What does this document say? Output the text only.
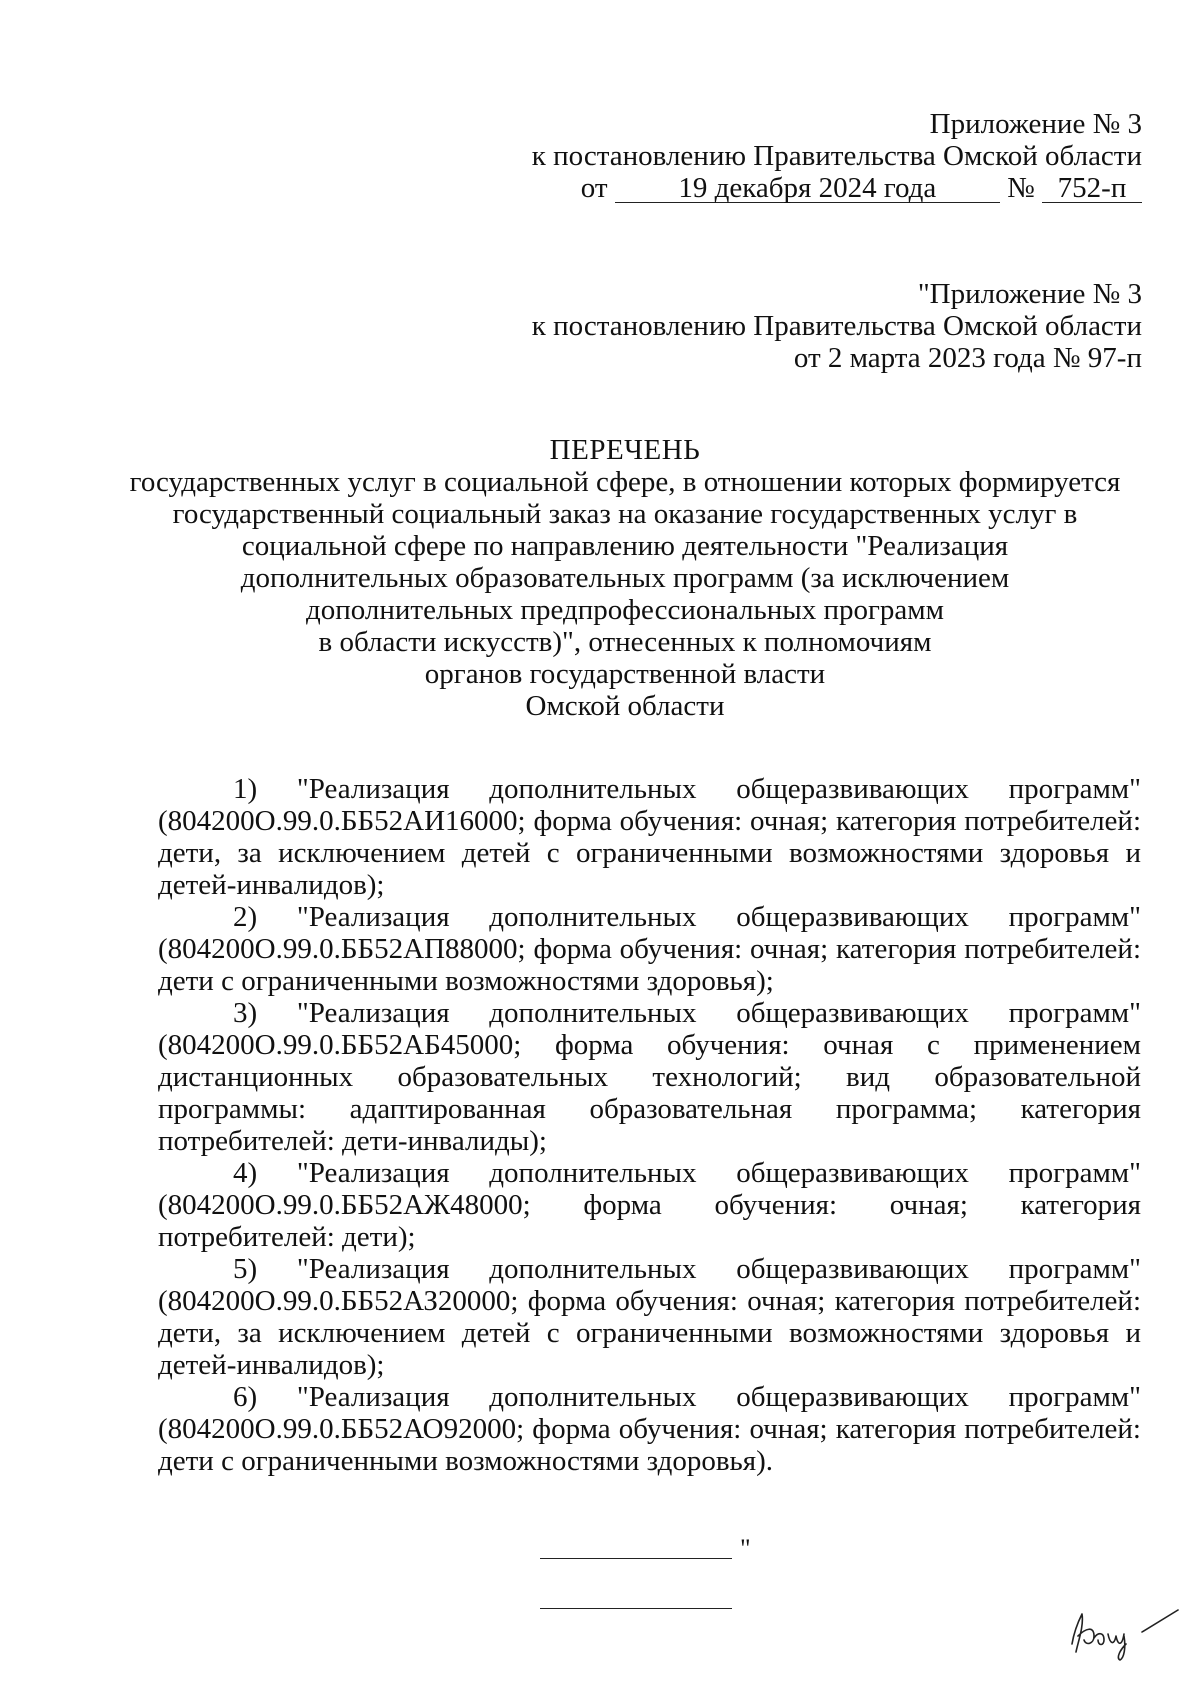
Приложение № 3
к постановлению Правительства Омской области
от 19 декабря 2024 года № 752-п
"Приложение № 3
к постановлению Правительства Омской области
от 2 марта 2023 года № 97-п
ПЕРЕЧЕНЬ
государственных услуг в социальной сфере, в отношении которых формируется
государственный социальный заказ на оказание государственных услуг в
социальной сфере по направлению деятельности "Реализация
дополнительных образовательных программ (за исключением
дополнительных предпрофессиональных программ
в области искусств)", отнесенных к полномочиям
органов государственной власти
Омской области

1) "Реализация дополнительных общеразвивающих программ" (804200О.99.0.ББ52АИ16000; форма обучения: очная; категория потребителей: дети, за исключением детей с ограниченными возможностями здоровья и детей-инвалидов);

2) "Реализация дополнительных общеразвивающих программ" (804200О.99.0.ББ52АП88000; форма обучения: очная; категория потребителей: дети с ограниченными возможностями здоровья);

3) "Реализация дополнительных общеразвивающих программ" (804200О.99.0.ББ52АБ45000; форма обучения: очная с применением дистанционных образовательных технологий; вид образовательной программы: адаптированная образовательная программа; категория потребителей: дети-инвалиды);

4) "Реализация дополнительных общеразвивающих программ" (804200О.99.0.ББ52АЖ48000; форма обучения: очная; категория потребителей: дети);

5) "Реализация дополнительных общеразвивающих программ" (804200О.99.0.ББ52АЗ20000; форма обучения: очная; категория потребителей: дети, за исключением детей с ограниченными возможностями здоровья и детей-инвалидов);

6) "Реализация дополнительных общеразвивающих программ" (804200О.99.0.ББ52АО92000; форма обучения: очная; категория потребителей: дети с ограниченными возможностями здоровья).

"
